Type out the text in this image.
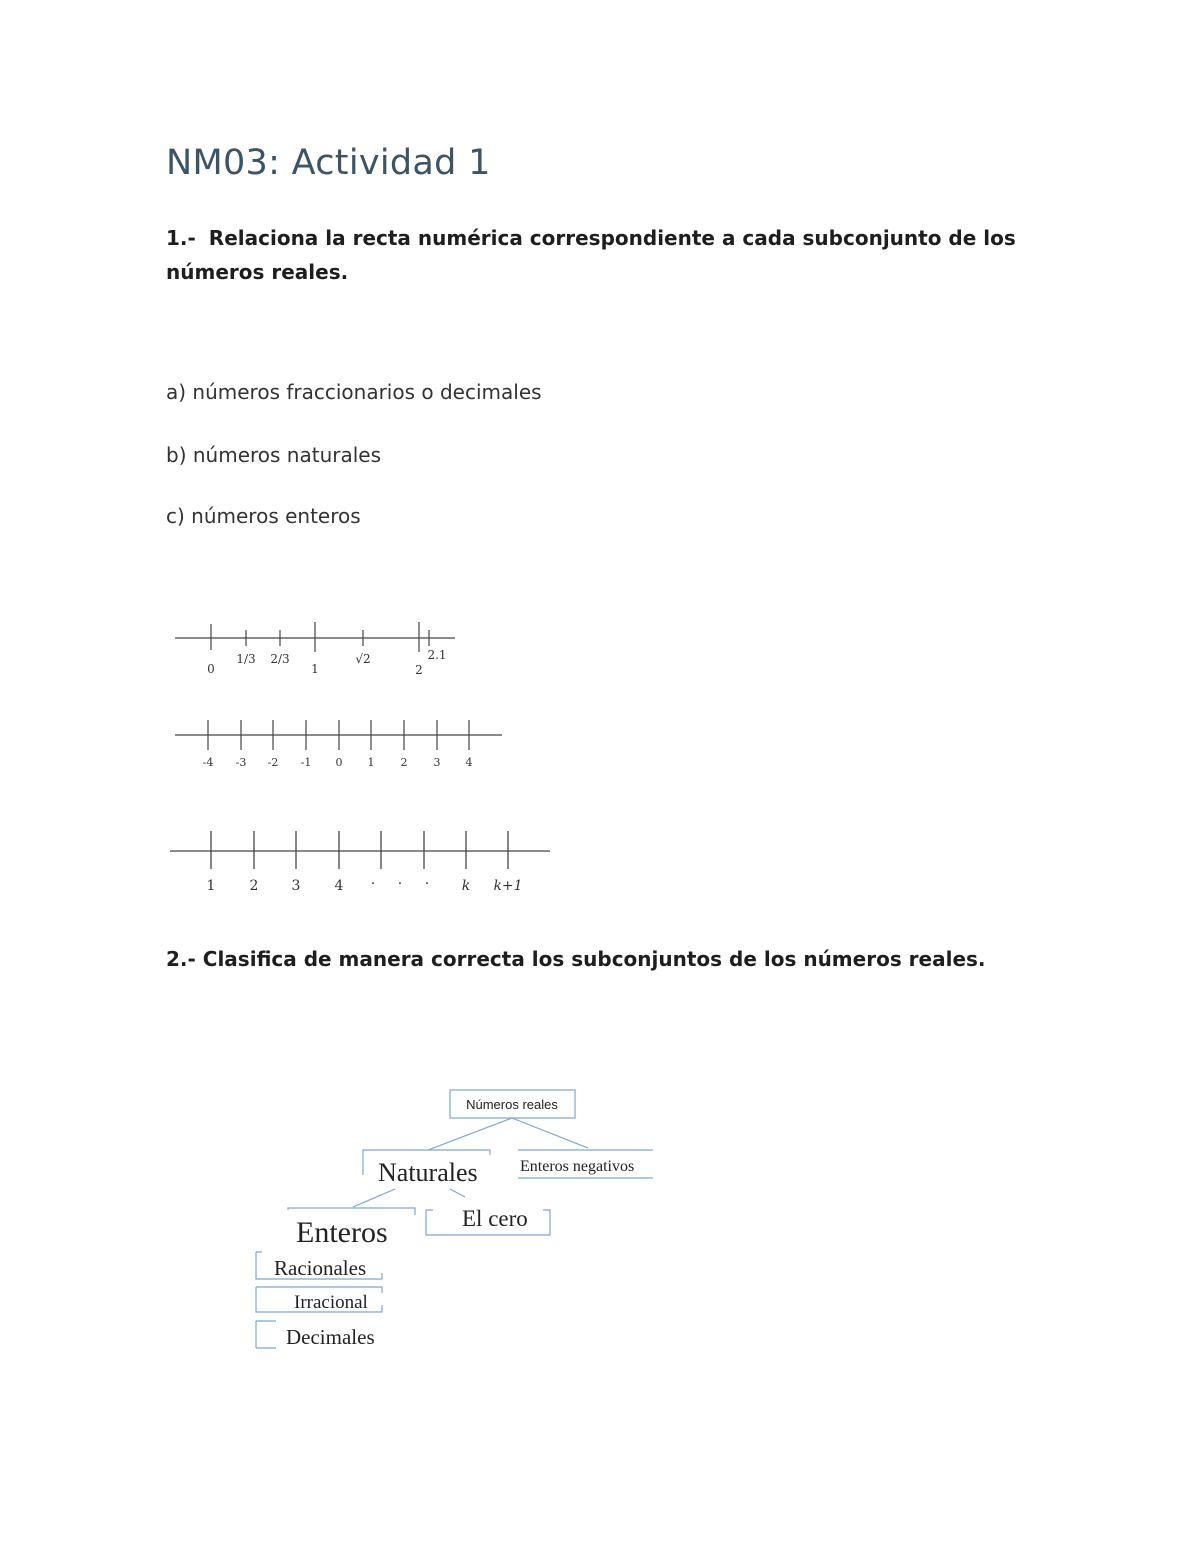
NM03: Actividad 1

1.- Relaciona la recta numérica correspondiente a cada subconjunto de los números reales.

a) números fraccionarios o decimales

b) números naturales

c) números enteros

0
1/3 2/3
1
√2
2
2.1
-4 -3 -2 -1 0 1 2 3 4
1 2 3 4 · · · k k+1

2.- Clasifica de manera correcta los subconjuntos de los números reales.

Números reales
Naturales	Enteros negativos
Enteros	El cero
Racionales
Irracional
Decimales
